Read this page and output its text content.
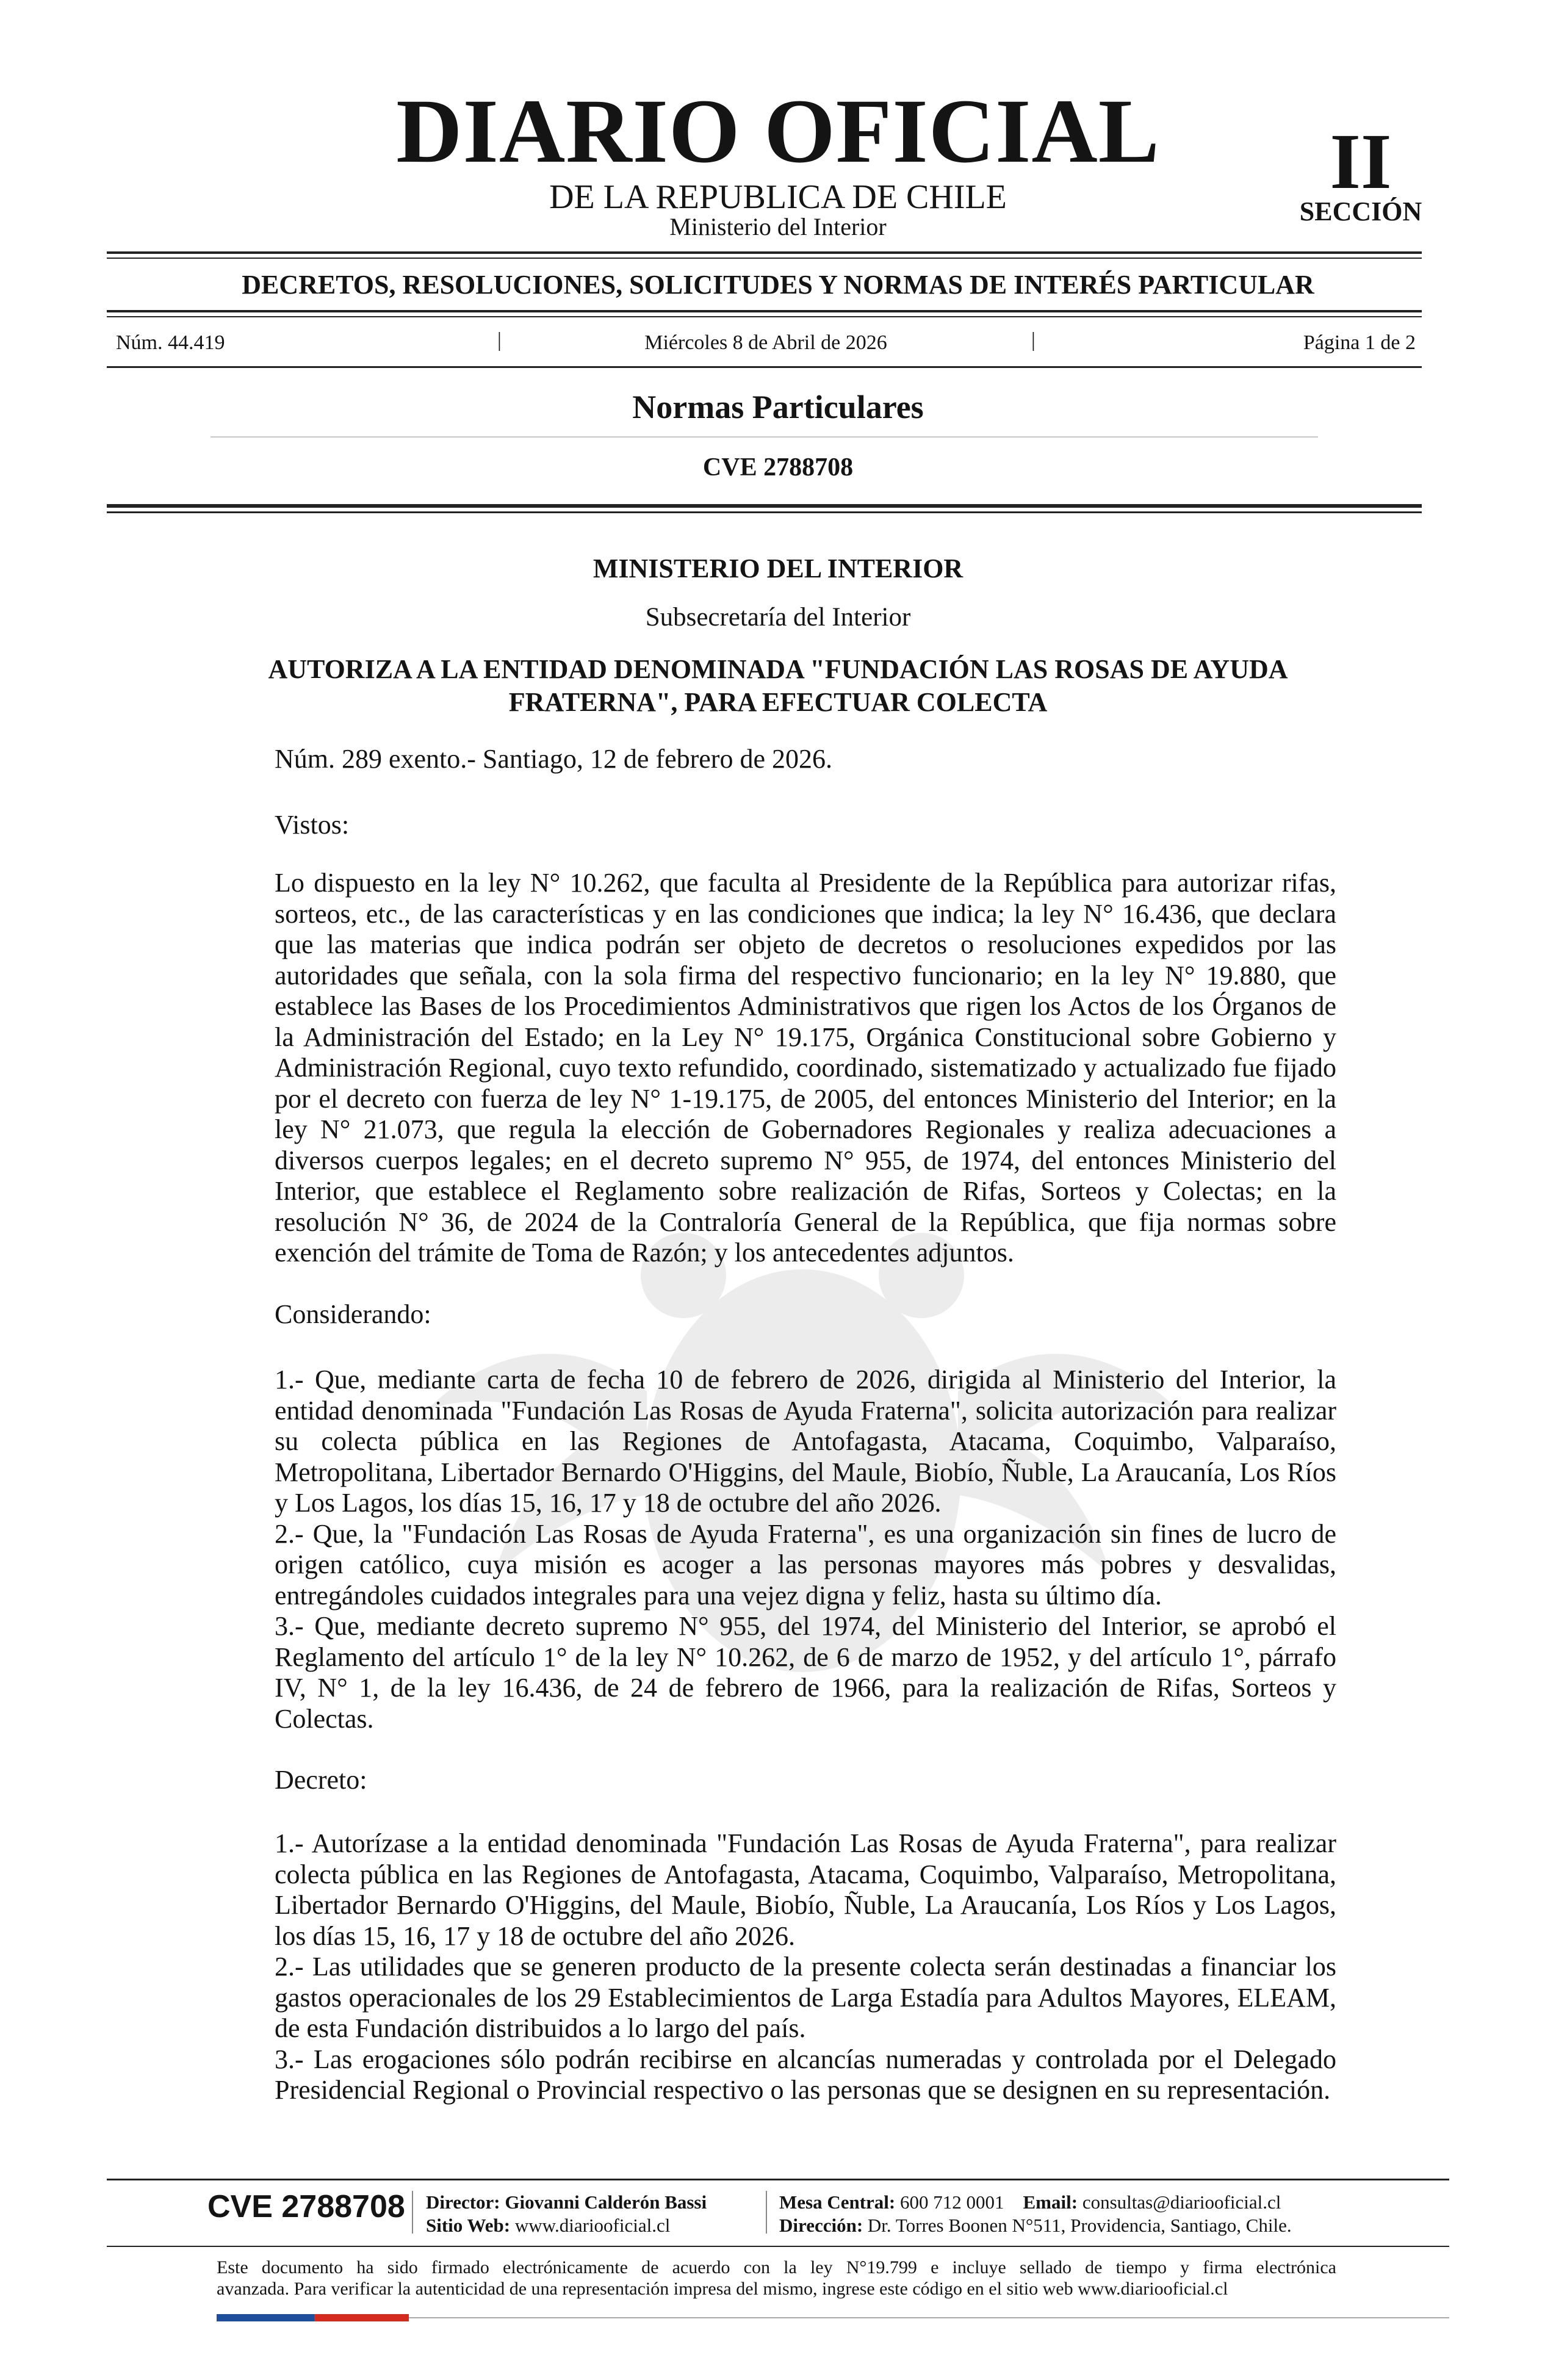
DIARIO OFICIAL
DE LA REPUBLICA DE CHILE
Ministerio del Interior
II
SECCIÓN
DECRETOS, RESOLUCIONES, SOLICITUDES Y NORMAS DE INTERÉS PARTICULAR
Núm. 44.419	|	Miércoles 8 de Abril de 2026	|	Página 1 de 2
Normas Particulares
CVE 2788708
MINISTERIO DEL INTERIOR
Subsecretaría del Interior
AUTORIZA A LA ENTIDAD DENOMINADA "FUNDACIÓN LAS ROSAS DE AYUDA
FRATERNA", PARA EFECTUAR COLECTA
Núm. 289 exento.- Santiago, 12 de febrero de 2026.
Vistos:
Lo dispuesto en la ley N° 10.262, que faculta al Presidente de la República para autorizar rifas, sorteos, etc., de las características y en las condiciones que indica; la ley N° 16.436, que declara que las materias que indica podrán ser objeto de decretos o resoluciones expedidos por las autoridades que señala, con la sola firma del respectivo funcionario; en la ley N° 19.880, que establece las Bases de los Procedimientos Administrativos que rigen los Actos de los Órganos de la Administración del Estado; en la Ley N° 19.175, Orgánica Constitucional sobre Gobierno y Administración Regional, cuyo texto refundido, coordinado, sistematizado y actualizado fue fijado por el decreto con fuerza de ley N° 1-19.175, de 2005, del entonces Ministerio del Interior; en la ley N° 21.073, que regula la elección de Gobernadores Regionales y realiza adecuaciones a diversos cuerpos legales; en el decreto supremo N° 955, de 1974, del entonces Ministerio del Interior, que establece el Reglamento sobre realización de Rifas, Sorteos y Colectas; en la resolución N° 36, de 2024 de la Contraloría General de la República, que fija normas sobre exención del trámite de Toma de Razón; y los antecedentes adjuntos.
Considerando:
1.- Que, mediante carta de fecha 10 de febrero de 2026, dirigida al Ministerio del Interior, la entidad denominada "Fundación Las Rosas de Ayuda Fraterna", solicita autorización para realizar su colecta pública en las Regiones de Antofagasta, Atacama, Coquimbo, Valparaíso, Metropolitana, Libertador Bernardo O'Higgins, del Maule, Biobío, Ñuble, La Araucanía, Los Ríos y Los Lagos, los días 15, 16, 17 y 18 de octubre del año 2026.
2.- Que, la "Fundación Las Rosas de Ayuda Fraterna", es una organización sin fines de lucro de origen católico, cuya misión es acoger a las personas mayores más pobres y desvalidas, entregándoles cuidados integrales para una vejez digna y feliz, hasta su último día.
3.- Que, mediante decreto supremo N° 955, del 1974, del Ministerio del Interior, se aprobó el Reglamento del artículo 1° de la ley N° 10.262, de 6 de marzo de 1952, y del artículo 1°, párrafo IV, N° 1, de la ley 16.436, de 24 de febrero de 1966, para la realización de Rifas, Sorteos y Colectas.
Decreto:
1.- Autorízase a la entidad denominada "Fundación Las Rosas de Ayuda Fraterna", para realizar colecta pública en las Regiones de Antofagasta, Atacama, Coquimbo, Valparaíso, Metropolitana, Libertador Bernardo O'Higgins, del Maule, Biobío, Ñuble, La Araucanía, Los Ríos y Los Lagos, los días 15, 16, 17 y 18 de octubre del año 2026.
2.- Las utilidades que se generen producto de la presente colecta serán destinadas a financiar los gastos operacionales de los 29 Establecimientos de Larga Estadía para Adultos Mayores, ELEAM, de esta Fundación distribuidos a lo largo del país.
3.- Las erogaciones sólo podrán recibirse en alcancías numeradas y controlada por el Delegado Presidencial Regional o Provincial respectivo o las personas que se designen en su representación.
CVE 2788708 Director: Giovanni Calderón Bassi
Sitio Web: www.diariooficial.cl
Mesa Central: 600 712 0001 Email: consultas@diariooficial.cl
Dirección: Dr. Torres Boonen N°511, Providencia, Santiago, Chile.
Este documento ha sido firmado electrónicamente de acuerdo con la ley N°19.799 e incluye sellado de tiempo y firma electrónica
avanzada. Para verificar la autenticidad de una representación impresa del mismo, ingrese este código en el sitio web www.diariooficial.cl
